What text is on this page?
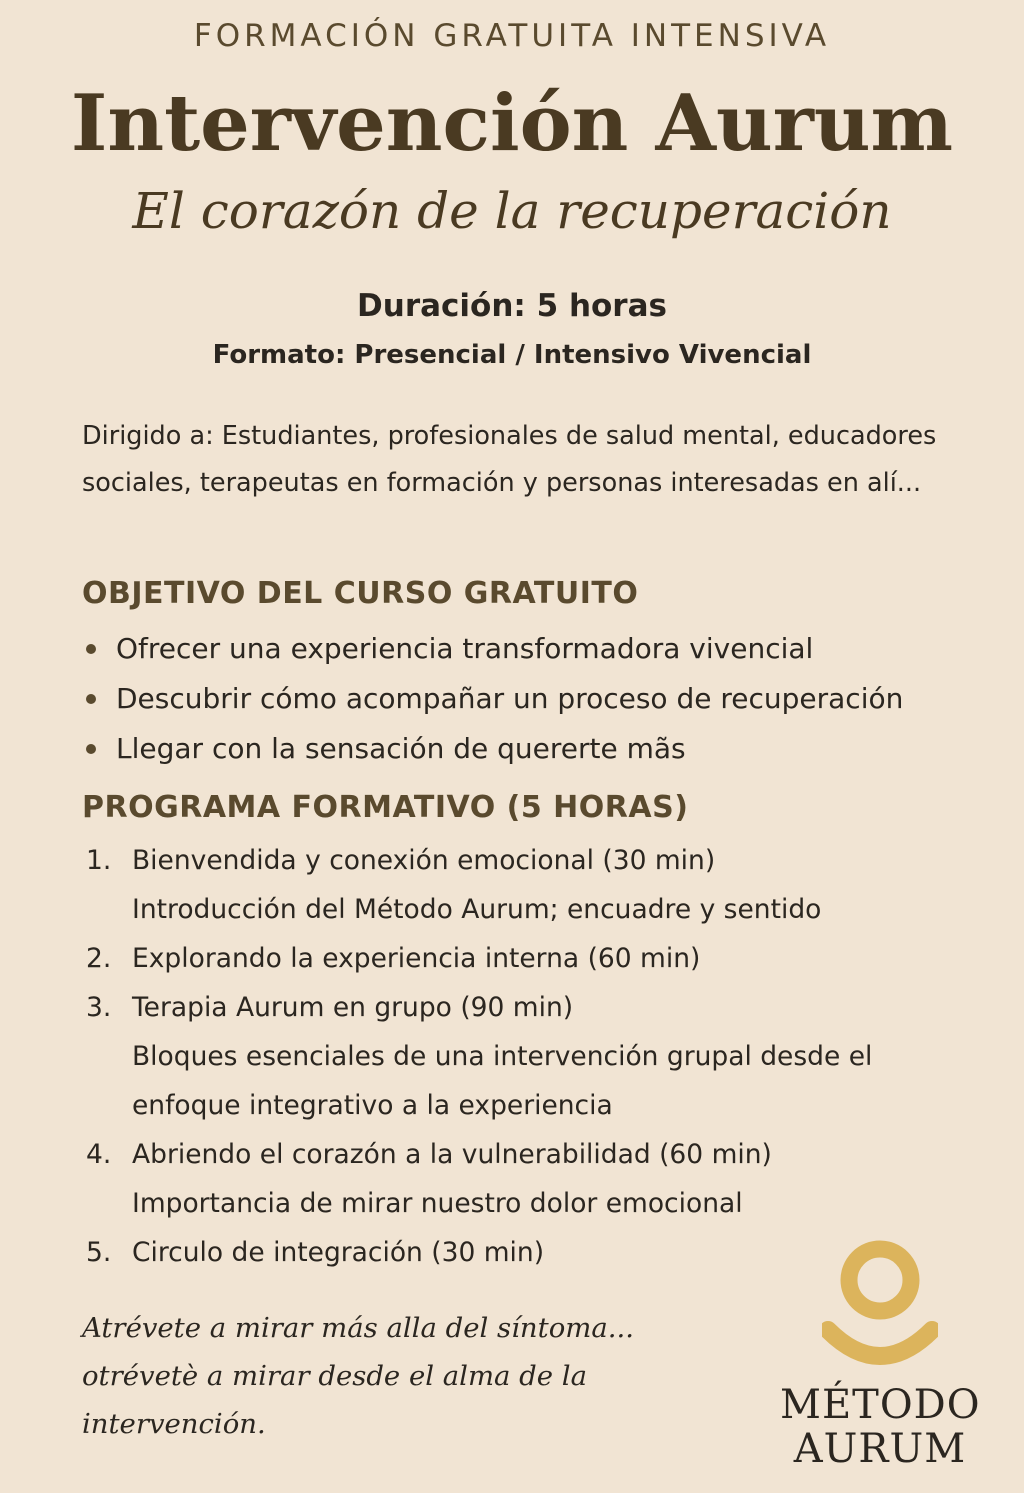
FORMACIÓN GRATUITA INTENSIVA
Intervención Aurum
El corazón de la recuperación
Duración: 5 horas
Formato: Presencial / Intensivo Vivencial
Dirigido a: Estudiantes, profesionales de salud mental, educadores sociales, terapeutas en formación y personas interesadas en alí...
OBJETIVO DEL CURSO GRATUITO
Ofrecer una experiencia transformadora vivencial
Descubrir cómo acompañar un proceso de recuperación
Llegar con la sensación de quererte mãs
PROGRAMA FORMATIVO (5 HORAS)
1. Bienvendida y conexión emocional (30 min)
Introducción del Método Aurum; encuadre y sentido
2. Explorando la experiencia interna (60 min)
3. Terapia Aurum en grupo (90 min)
Bloques esenciales de una intervención grupal desde el enfoque integrativo a la experiencia
4. Abriendo el corazón a la vulnerabilidad (60 min)
Importancia de mirar nuestro dolor emocional
5. Circulo de integración (30 min)
Atrévete a mirar más alla del síntoma... otrévetè a mirar desde el alma de la intervención.	MÉTODO
AURUM
